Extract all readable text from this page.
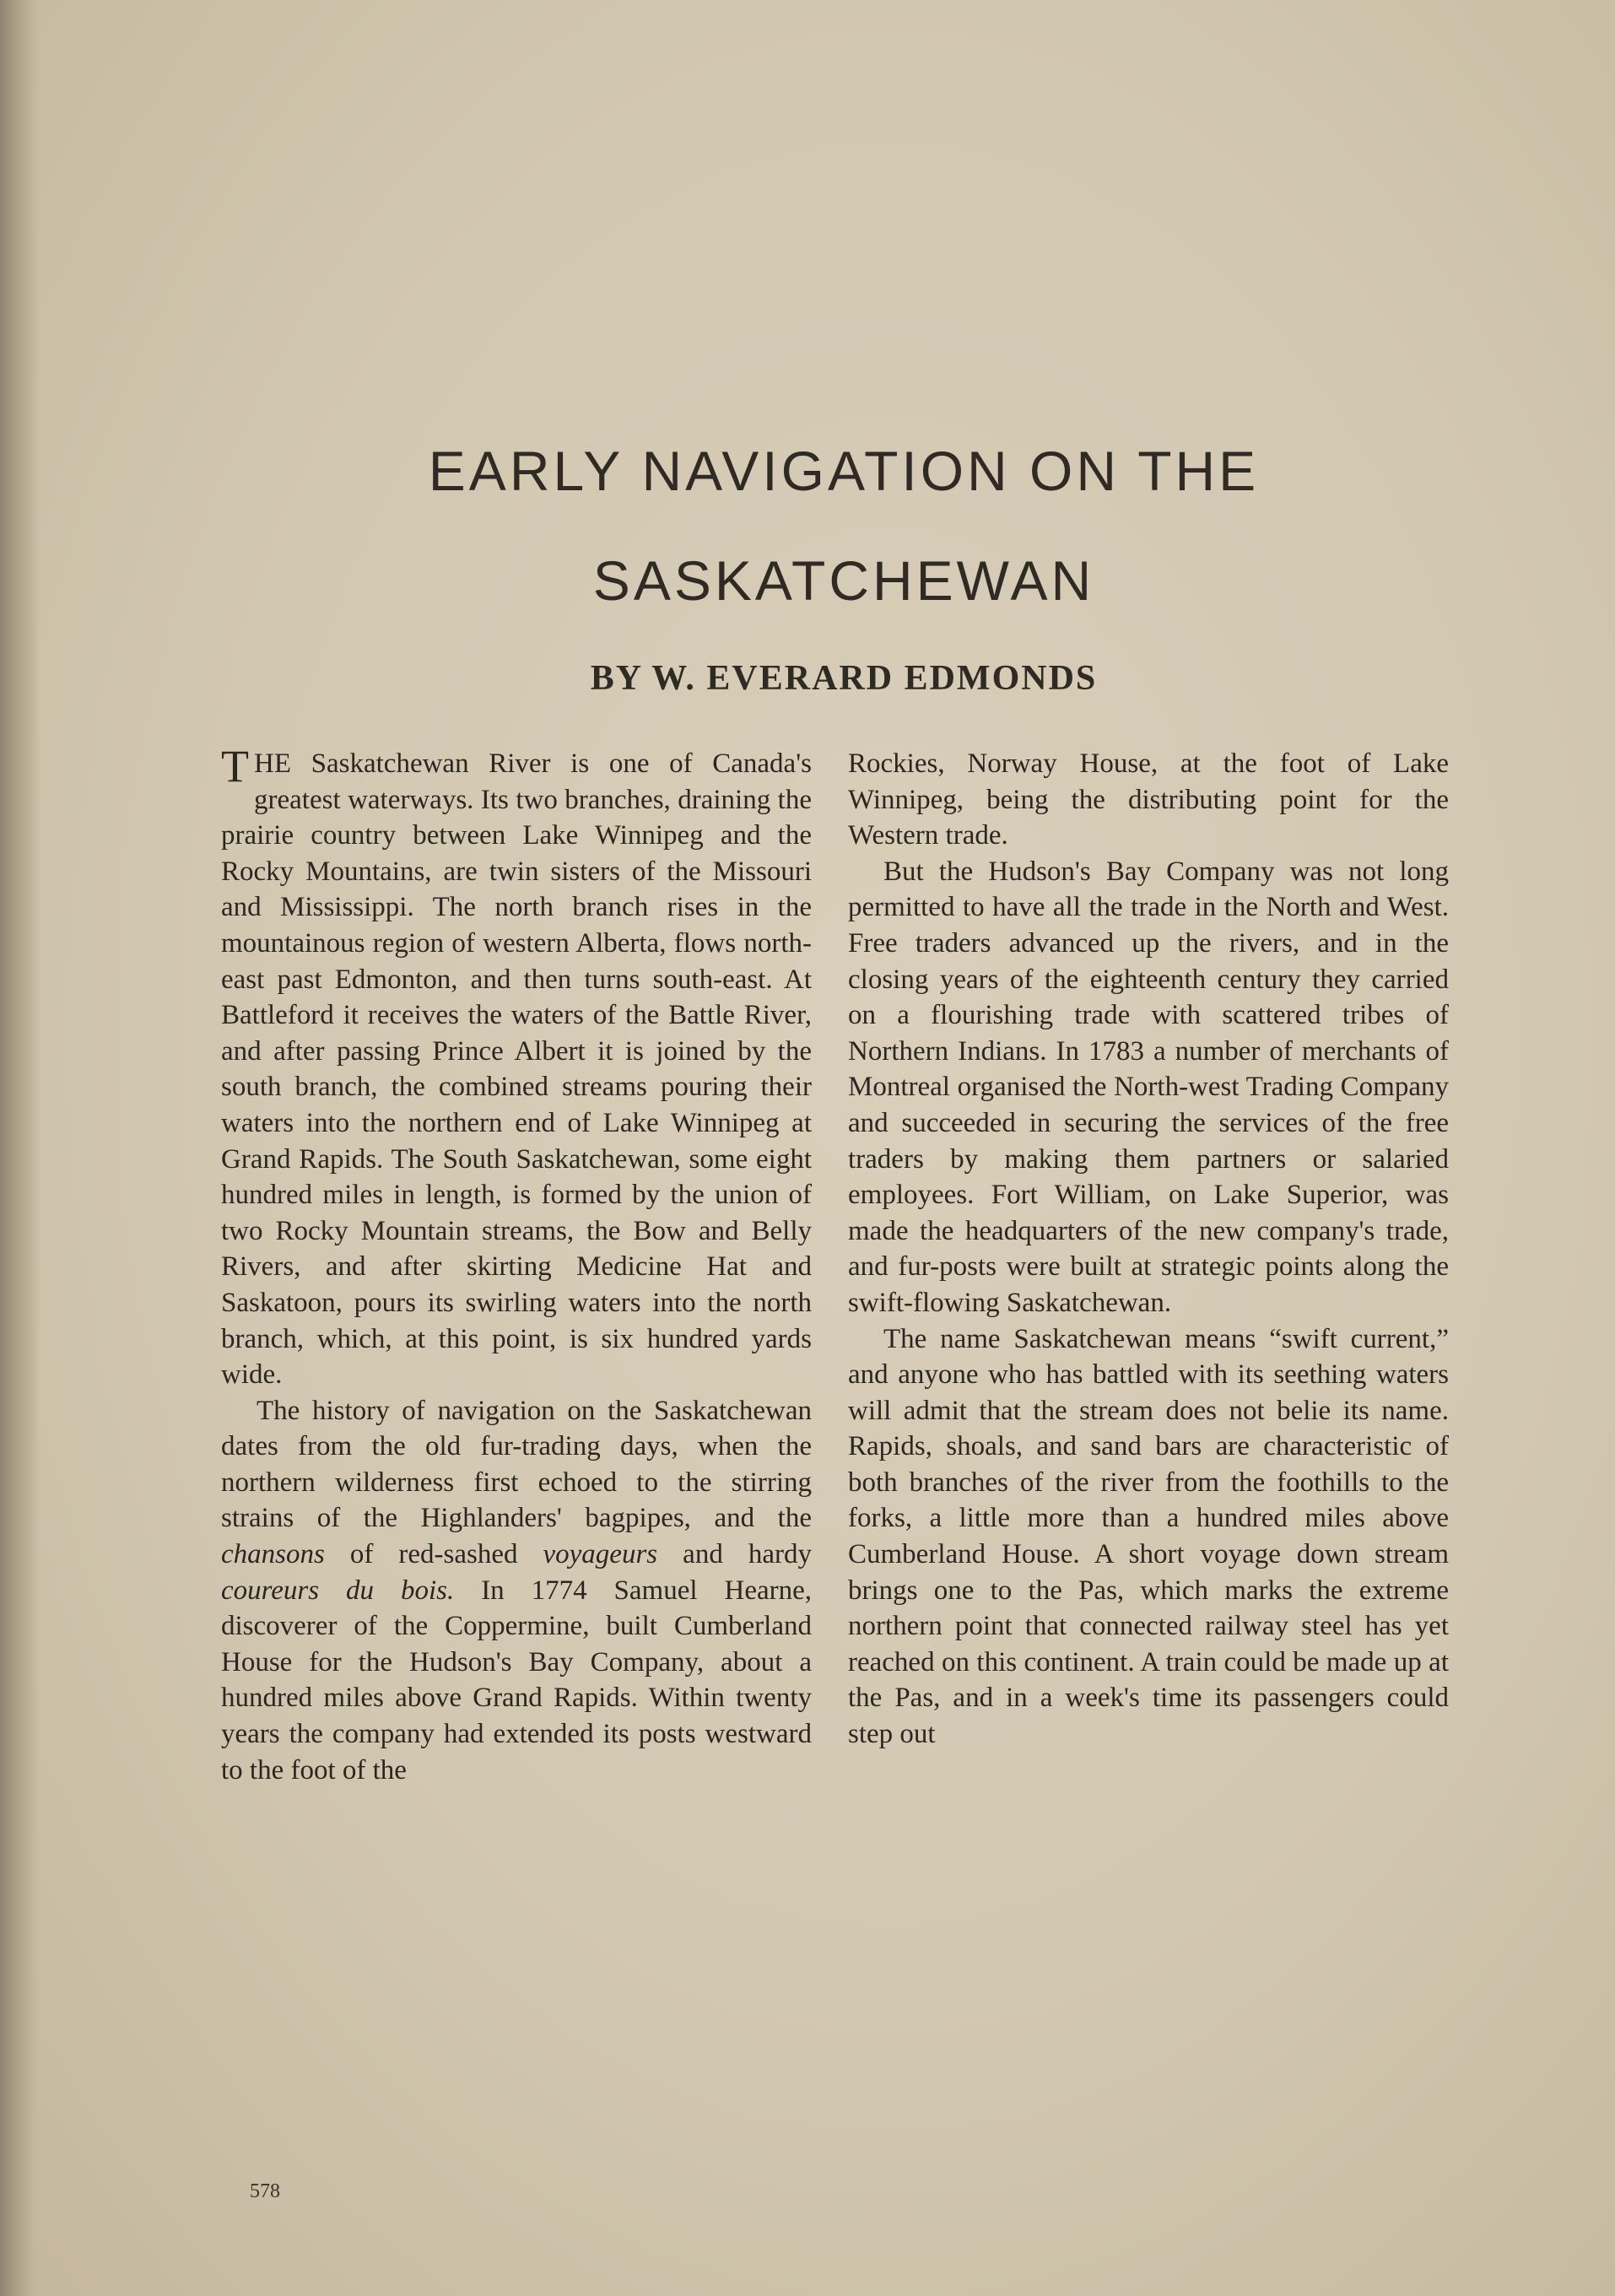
EARLY NAVIGATION ON THE
SASKATCHEWAN
BY W. EVERARD EDMONDS

THE Saskatchewan River is one of Canada's greatest waterways. Its two branches, draining the prairie country between Lake Winnipeg and the Rocky Mountains, are twin sisters of the Missouri and Mississippi. The north branch rises in the mountainous region of western Alberta, flows north-east past Edmonton, and then turns south-east. At Battleford it receives the waters of the Battle River, and after passing Prince Albert it is joined by the south branch, the combined streams pouring their waters into the northern end of Lake Winnipeg at Grand Rapids. The South Saskatchewan, some eight hundred miles in length, is formed by the union of two Rocky Mountain streams, the Bow and Belly Rivers, and after skirting Medicine Hat and Saskatoon, pours its swirling waters into the north branch, which, at this point, is six hundred yards wide.

The history of navigation on the Saskatchewan dates from the old fur-trading days, when the northern wilderness first echoed to the stirring strains of the Highlanders' bagpipes, and the chansons of red-sashed voyageurs and hardy coureurs du bois. In 1774 Samuel Hearne, discoverer of the Coppermine, built Cumberland House for the Hudson's Bay Company, about a hundred miles above Grand Rapids. Within twenty years the company had extended its posts westward to the foot of the

Rockies, Norway House, at the foot of Lake Winnipeg, being the distributing point for the Western trade.

But the Hudson's Bay Company was not long permitted to have all the trade in the North and West. Free traders advanced up the rivers, and in the closing years of the eighteenth century they carried on a flourishing trade with scattered tribes of Northern Indians. In 1783 a number of merchants of Montreal organised the North-west Trading Company and succeeded in securing the services of the free traders by making them partners or salaried employees. Fort William, on Lake Superior, was made the headquarters of the new company's trade, and fur-posts were built at strategic points along the swift-flowing Saskatchewan.

The name Saskatchewan means “swift current,” and anyone who has battled with its seething waters will admit that the stream does not belie its name. Rapids, shoals, and sand bars are characteristic of both branches of the river from the foothills to the forks, a little more than a hundred miles above Cumberland House. A short voyage down stream brings one to the Pas, which marks the extreme northern point that connected railway steel has yet reached on this continent. A train could be made up at the Pas, and in a week's time its passengers could step out

578
